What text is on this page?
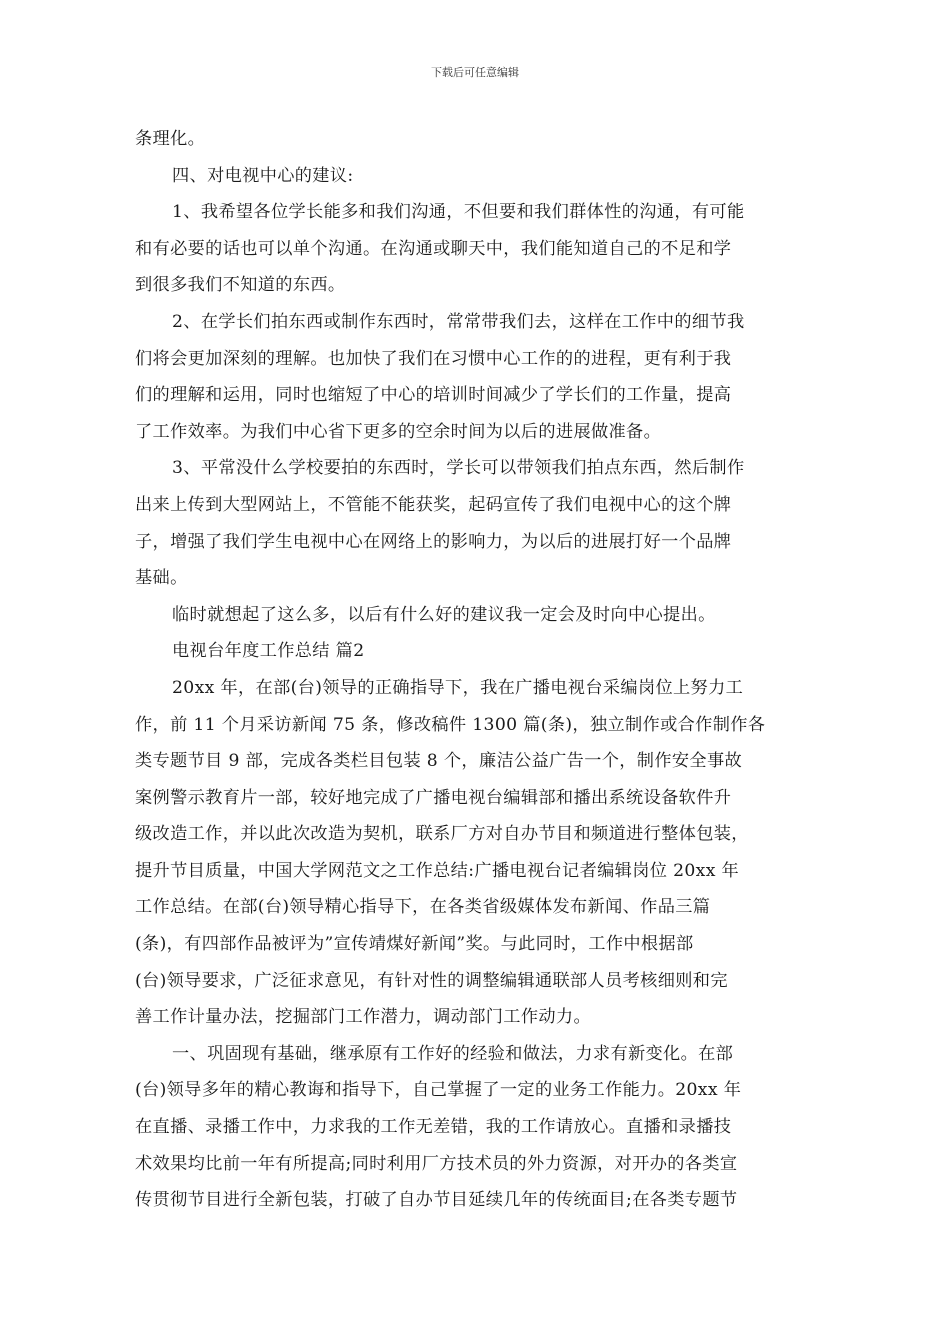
下载后可任意编辑
条理化。
四、对电视中心的建议:
1、我希望各位学长能多和我们沟通，不但要和我们群体性的沟通，有可能
和有必要的话也可以单个沟通。在沟通或聊天中，我们能知道自己的不足和学
到很多我们不知道的东西。
2、在学长们拍东西或制作东西时，常常带我们去，这样在工作中的细节我
们将会更加深刻的理解。也加快了我们在习惯中心工作的的进程，更有利于我
们的理解和运用，同时也缩短了中心的培训时间减少了学长们的工作量，提高
了工作效率。为我们中心省下更多的空余时间为以后的进展做准备。
3、平常没什么学校要拍的东西时，学长可以带领我们拍点东西，然后制作
出来上传到大型网站上，不管能不能获奖，起码宣传了我们电视中心的这个牌
子，增强了我们学生电视中心在网络上的影响力，为以后的进展打好一个品牌
基础。
临时就想起了这么多，以后有什么好的建议我一定会及时向中心提出。
电视台年度工作总结 篇2
20xx 年，在部(台)领导的正确指导下，我在广播电视台采编岗位上努力工
作，前 11 个月采访新闻 75 条，修改稿件 1300 篇(条)，独立制作或合作制作各
类专题节目 9 部，完成各类栏目包装 8 个，廉洁公益广告一个，制作安全事故
案例警示教育片一部，较好地完成了广播电视台编辑部和播出系统设备软件升
级改造工作，并以此次改造为契机，联系厂方对自办节目和频道进行整体包装，
提升节目质量，中国大学网范文之工作总结:广播电视台记者编辑岗位 20xx 年
工作总结。在部(台)领导精心指导下，在各类省级媒体发布新闻、作品三篇
(条)，有四部作品被评为”宣传靖煤好新闻”奖。与此同时，工作中根据部
(台)领导要求，广泛征求意见，有针对性的调整编辑通联部人员考核细则和完
善工作计量办法，挖掘部门工作潜力，调动部门工作动力。
一、巩固现有基础，继承原有工作好的经验和做法，力求有新变化。在部
(台)领导多年的精心教诲和指导下，自己掌握了一定的业务工作能力。20xx 年
在直播、录播工作中，力求我的工作无差错，我的工作请放心。直播和录播技
术效果均比前一年有所提高;同时利用厂方技术员的外力资源，对开办的各类宣
传贯彻节目进行全新包装，打破了自办节目延续几年的传统面目;在各类专题节
